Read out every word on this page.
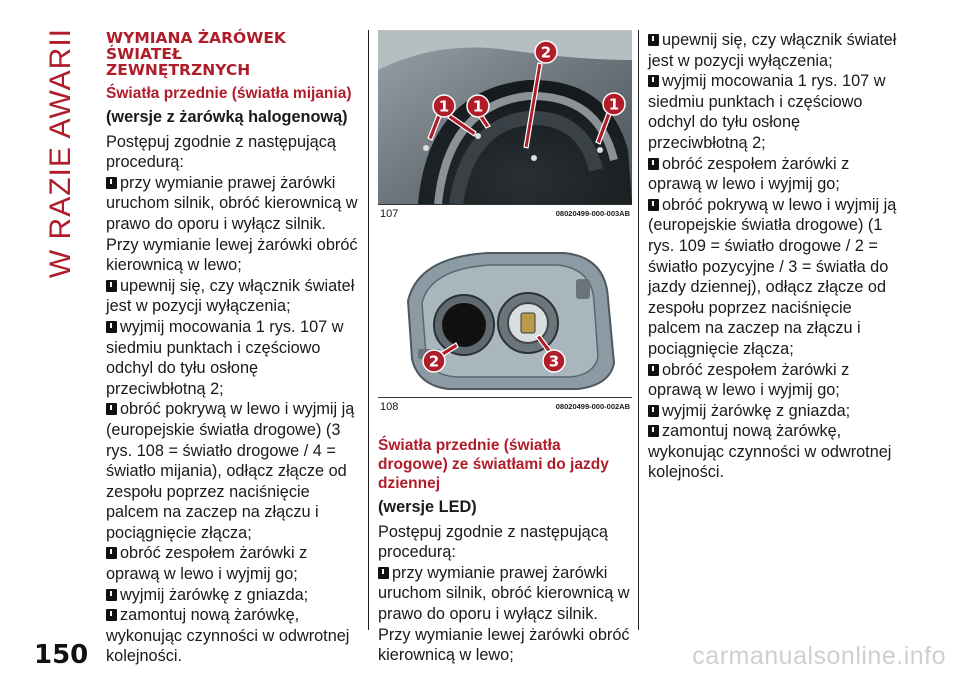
W RAZIE AWARII
150
WYMIANA ŻARÓWEK
ŚWIATEŁ
ZEWNĘTRZNYCH
Światła przednie (światła mijania)
(wersje z żarówką halogenową)

Postępuj zgodnie z następującą procedurą:

przy wymianie prawej żarówki uruchom silnik, obróć kierownicą w prawo do oporu i wyłącz silnik. Przy wymianie lewej żarówki obróć kierownicą w lewo;

upewnij się, czy włącznik świateł jest w pozycji wyłączenia;

wyjmij mocowania 1 rys. 107 w siedmiu punktach i częściowo odchyl do tyłu osłonę przeciwbłotną 2;

obróć pokrywą w lewo i wyjmij ją (europejskie światła drogowe) (3 rys. 108 = światło drogowe / 4 = światło mijania), odłącz złącze od zespołu poprzez naciśnięcie palcem na zaczep na złączu i pociągnięcie złącza;

obróć zespołem żarówki z oprawą w lewo i wyjmij go;

wyjmij żarówkę z gniazda;

zamontuj nową żarówkę, wykonując czynności w odwrotnej kolejności.

1 1
2
1
107	08020499-000-003AB
2	3
108	08020499-000-002AB
Światła przednie (światła drogowe) ze światłami do jazdy dziennej
(wersje LED)

Postępuj zgodnie z następującą procedurą:

przy wymianie prawej żarówki uruchom silnik, obróć kierownicą w prawo do oporu i wyłącz silnik. Przy wymianie lewej żarówki obróć kierownicą w lewo;

upewnij się, czy włącznik świateł jest w pozycji wyłączenia;

wyjmij mocowania 1 rys. 107 w siedmiu punktach i częściowo odchyl do tyłu osłonę przeciwbłotną 2;

obróć zespołem żarówki z oprawą w lewo i wyjmij go;

obróć pokrywą w lewo i wyjmij ją (europejskie światła drogowe) (1 rys. 109 = światło drogowe / 2 = światło pozycyjne / 3 = światła do jazdy dziennej), odłącz złącze od zespołu poprzez naciśnięcie palcem na zaczep na złączu i pociągnięcie złącza;

obróć zespołem żarówki z oprawą w lewo i wyjmij go;

wyjmij żarówkę z gniazda;

zamontuj nową żarówkę, wykonując czynności w odwrotnej kolejności.

carmanualsonline.info
